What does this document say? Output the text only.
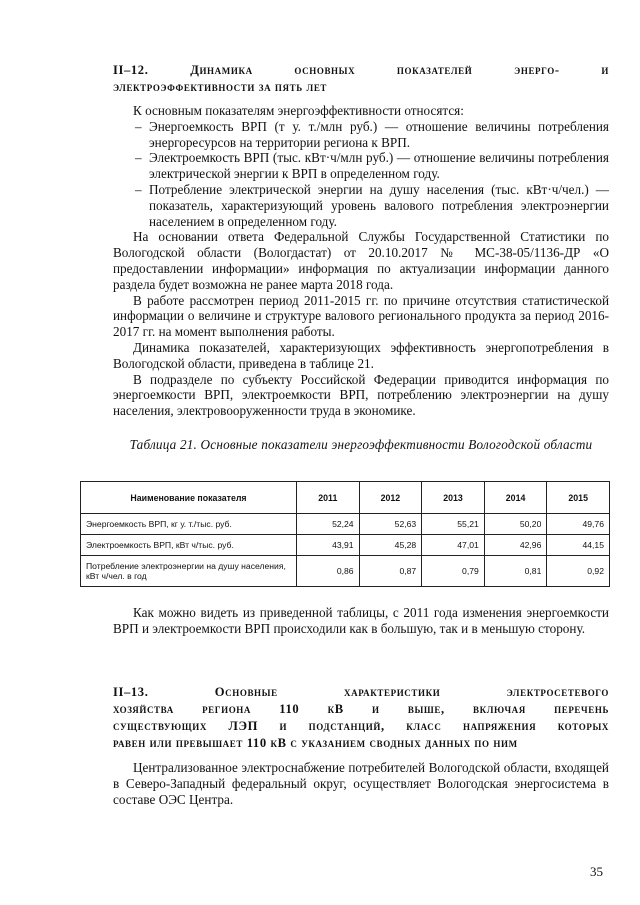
II–12. Динамика основных показателей энерго- и
электроэффективности за пять лет

К основным показателям энергоэффективности относятся:

– Энергоемкость ВРП (т у. т./млн руб.) — отношение величины потребления энергоресурсов на территории региона к ВРП.
– Электроемкость ВРП (тыс. кВт·ч/млн руб.) — отношение величины потребления электрической энергии к ВРП в определенном году.
– Потребление электрической энергии на душу населения (тыс. кВт·ч/чел.) — показатель, характеризующий уровень валового потребления электроэнергии населением в определенном году.

На основании ответа Федеральной Службы Государственной Статистики по Вологодской области (Вологдастат) от 20.10.2017 № МС-38-05/1136-ДР «О предоставлении информации» информация по актуализации информации данного раздела будет возможна не ранее марта 2018 года.

В работе рассмотрен период 2011-2015 гг. по причине отсутствия статистической информации о величине и структуре валового регионального продукта за период 2016-2017 гг. на момент выполнения работы.

Динамика показателей, характеризующих эффективность энергопотребления в Вологодской области, приведена в таблице 21.

В подразделе по субъекту Российской Федерации приводится информация по энергоемкости ВРП, электроемкости ВРП, потреблению электроэнергии на душу населения, электровооруженности труда в экономике.

Таблица 21. Основные показатели энергоэффективности Вологодской области
Наименование показателя	2011	2012	2013	2014	2015
Энергоемкость ВРП, кг у. т./тыс. руб.	52,24	52,63	55,21	50,20	49,76
Электроемкость ВРП, кВт ч/тыс. руб.	43,91	45,28	47,01	42,96	44,15
Потребление электроэнергии на душу населения, кВт ч/чел. в год	0,86	0,87	0,79	0,81	0,92

Как можно видеть из приведенной таблицы, с 2011 года изменения энергоемкости ВРП и электроемкости ВРП происходили как в большую, так и в меньшую сторону.

II–13. Основные характеристики электросетевого
хозяйства региона 110 кВ и выше, включая перечень
существующих ЛЭП и подстанций, класс напряжения которых
равен или превышает 110 кВ с указанием сводных данных по ним

Централизованное электроснабжение потребителей Вологодской области, входящей в Северо-Западный федеральный округ, осуществляет Вологодская энергосистема в составе ОЭС Центра.

35
